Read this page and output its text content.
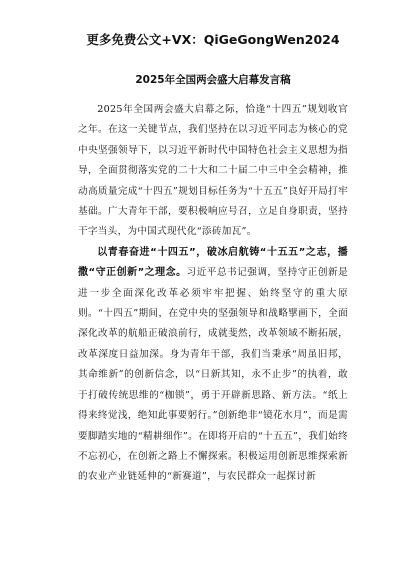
更多免费公文+VX：QiGeGongWen2024
2025年全国两会盛大启幕发言稿

2025年全国两会盛大启幕之际，恰逢“十四五”规划收官之年。在这一关键节点，我们坚持在以习近平同志为核心的党中央坚强领导下，以习近平新时代中国特色社会主义思想为指导，全面贯彻落实党的二十大和二十届二中三中全会精神，推动高质量完成“十四五”规划目标任务为“十五五”良好开局打牢基础。广大青年干部，要积极响应号召，立足自身职责，坚持干字当头，为中国式现代化“添砖加瓦”。

以青春奋进“十四五”，破冰启航铸“十五五”之志，播撒“守正创新”之理念。习近平总书记强调，坚持守正创新是进一步全面深化改革必须牢牢把握、始终坚守的重大原则。“十四五”期间，在党中央的坚强领导和战略擘画下，全面深化改革的航船正破浪前行，成就斐然，改革领域不断拓展，改革深度日益加深。身为青年干部，我们当秉承“周虽旧邦，其命维新”的创新信念，以“日新其知，永不止步”的执着，敢于打破传统思维的“枷锁”，勇于开辟新思路、新方法。“纸上得来终觉浅，绝知此事要躬行。”创新绝非“镜花水月”，而是需要脚踏实地的“精耕细作”。在即将开启的“十五五”，我们始终不忘初心，在创新之路上不懈探索。积极运用创新思维探索新的农业产业链延伸的“新赛道”，与农民群众一起探讨新
